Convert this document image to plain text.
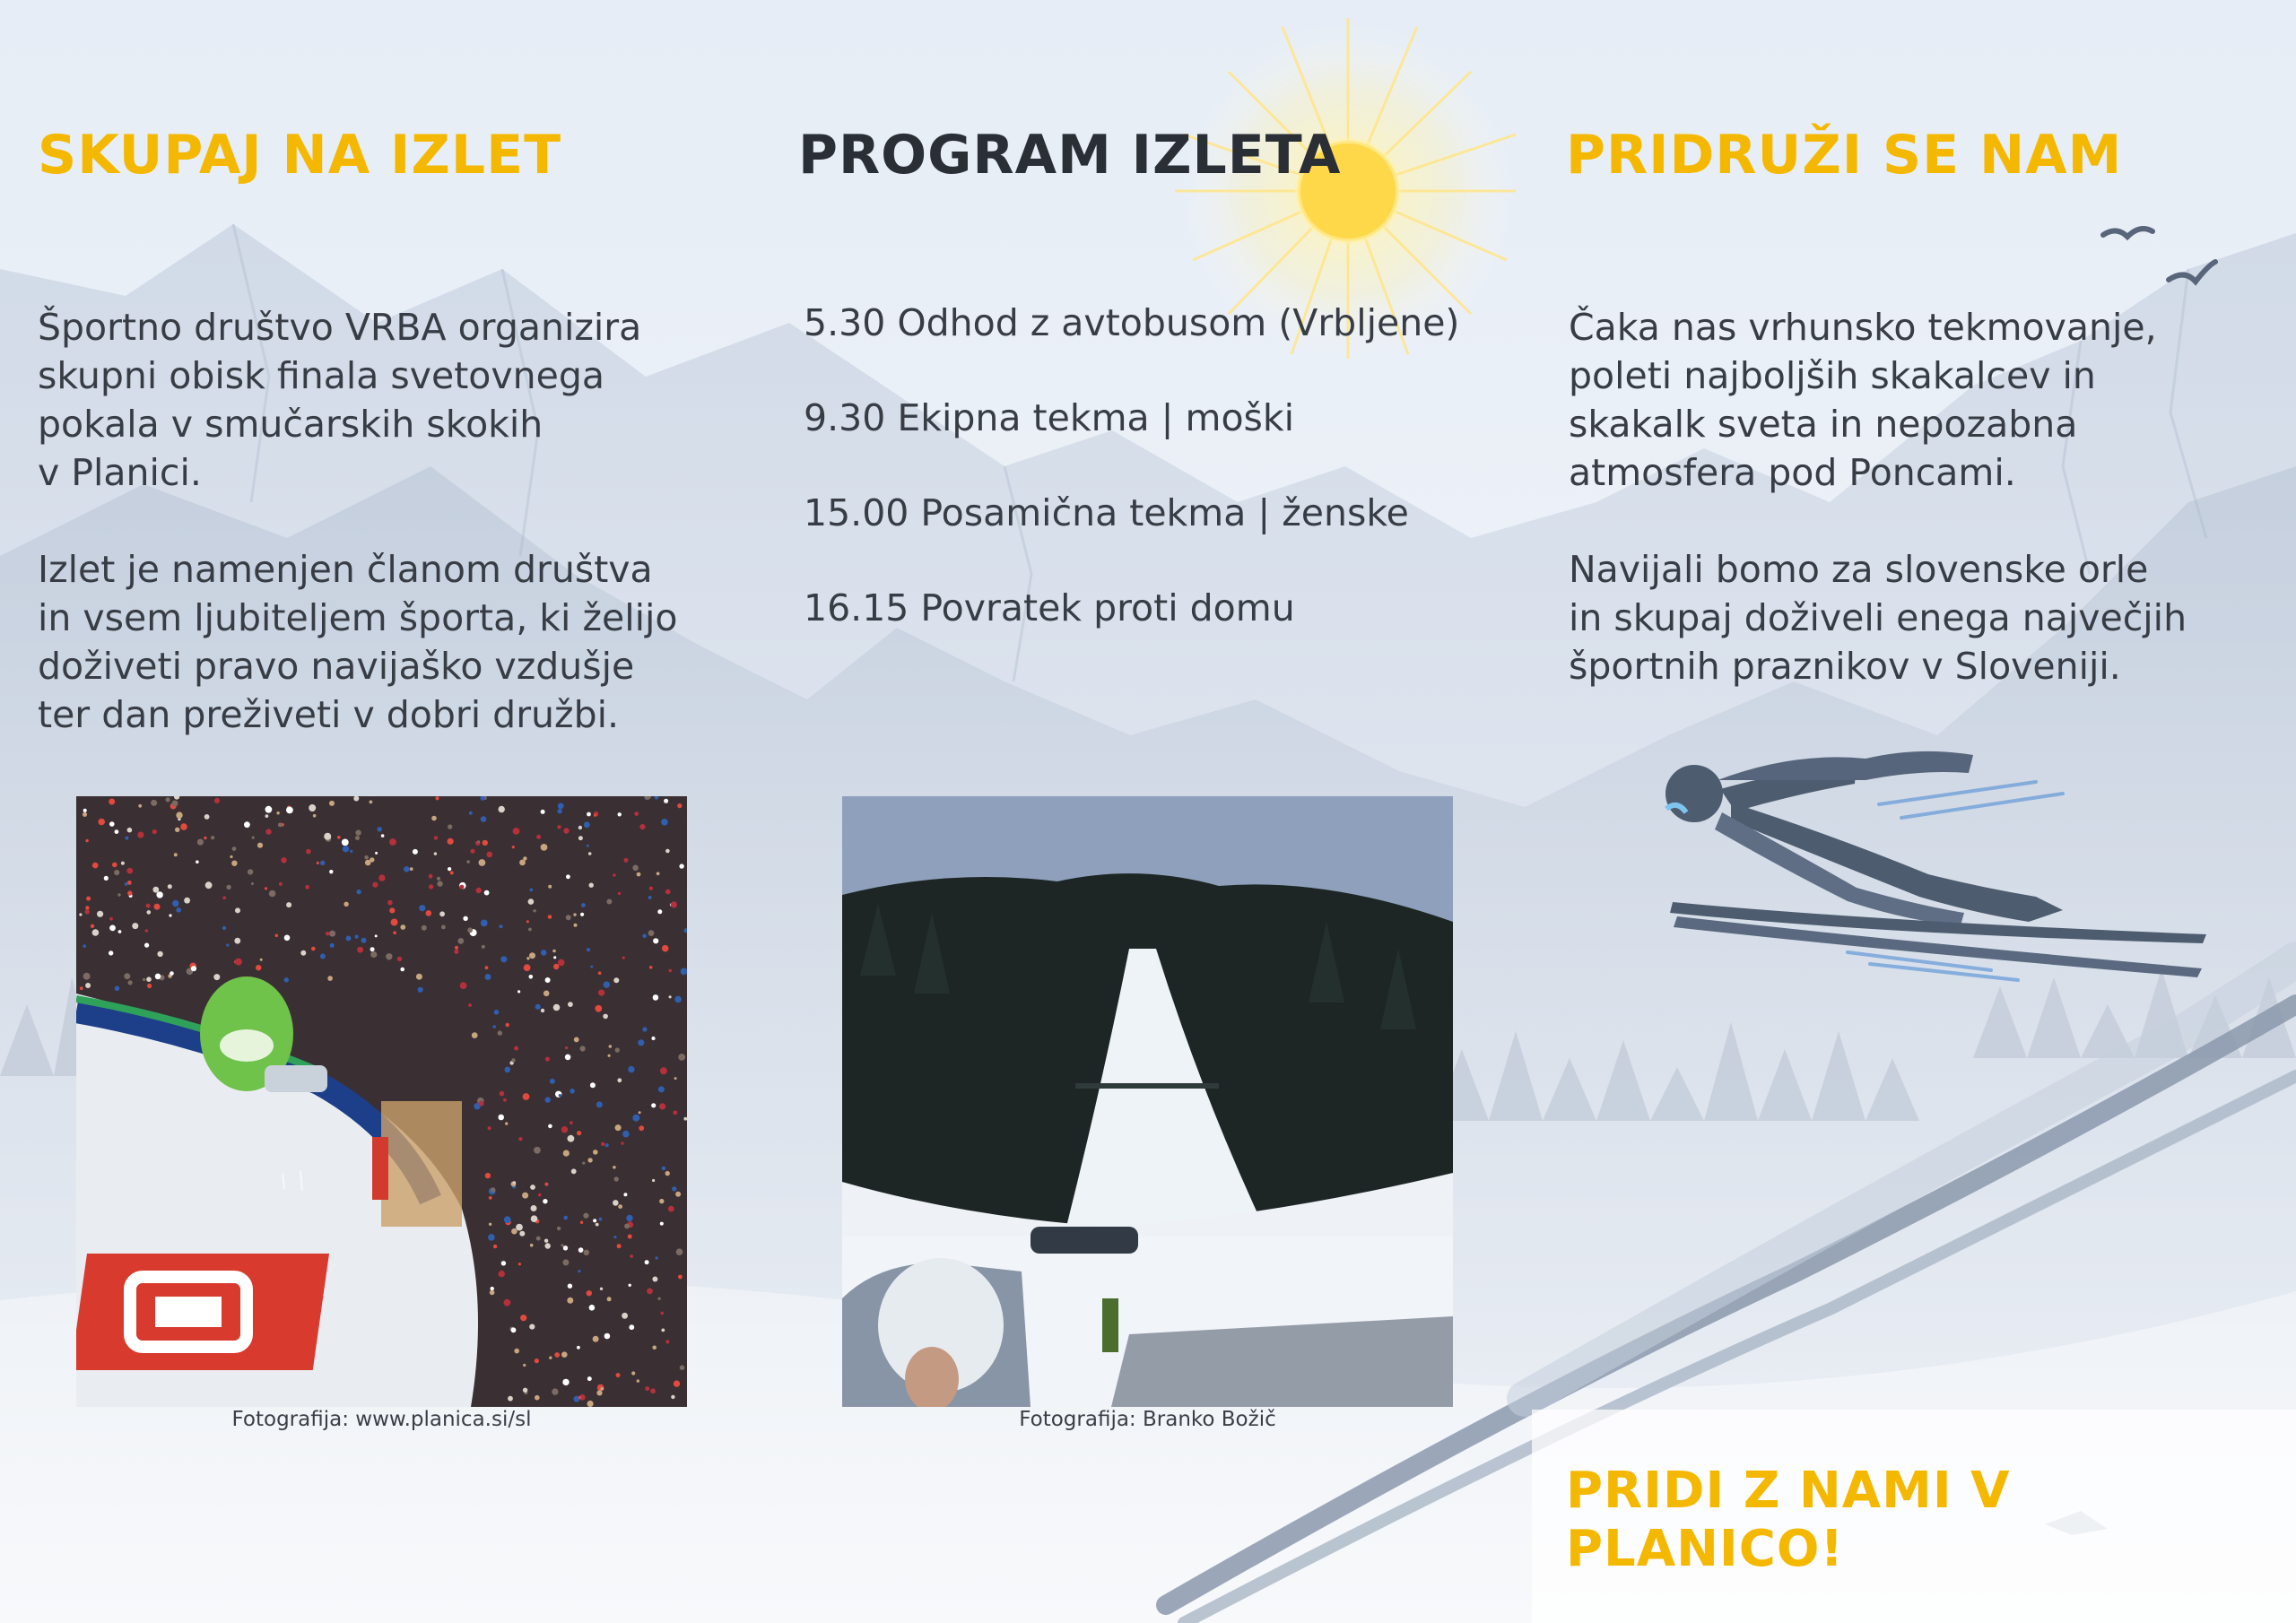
SKUPAJ NA IZLET
Športno društvo VRBA organizira
skupni obisk finala svetovnega
pokala v smučarskih skokih
v Planici.
Izlet je namenjen članom društva
in vsem ljubiteljem športa, ki želijo
doživeti pravo navijaško vzdušje
ter dan preživeti v dobri družbi.
Fotografija: www.planica.si/sl
PROGRAM IZLETA
5.30 Odhod z avtobusom (Vrbljene)
9.30 Ekipna tekma | moški
15.00 Posamična tekma | ženske
16.15 Povratek proti domu
Fotografija: Branko Božič
PRIDRUŽI SE NAM
Čaka nas vrhunsko tekmovanje,
poleti najboljših skakalcev in
skakalk sveta in nepozabna
atmosfera pod Poncami.
Navijali bomo za slovenske orle
in skupaj doživeli enega največjih
športnih praznikov v Sloveniji.
PRIDI Z NAMI V PLANICO!
